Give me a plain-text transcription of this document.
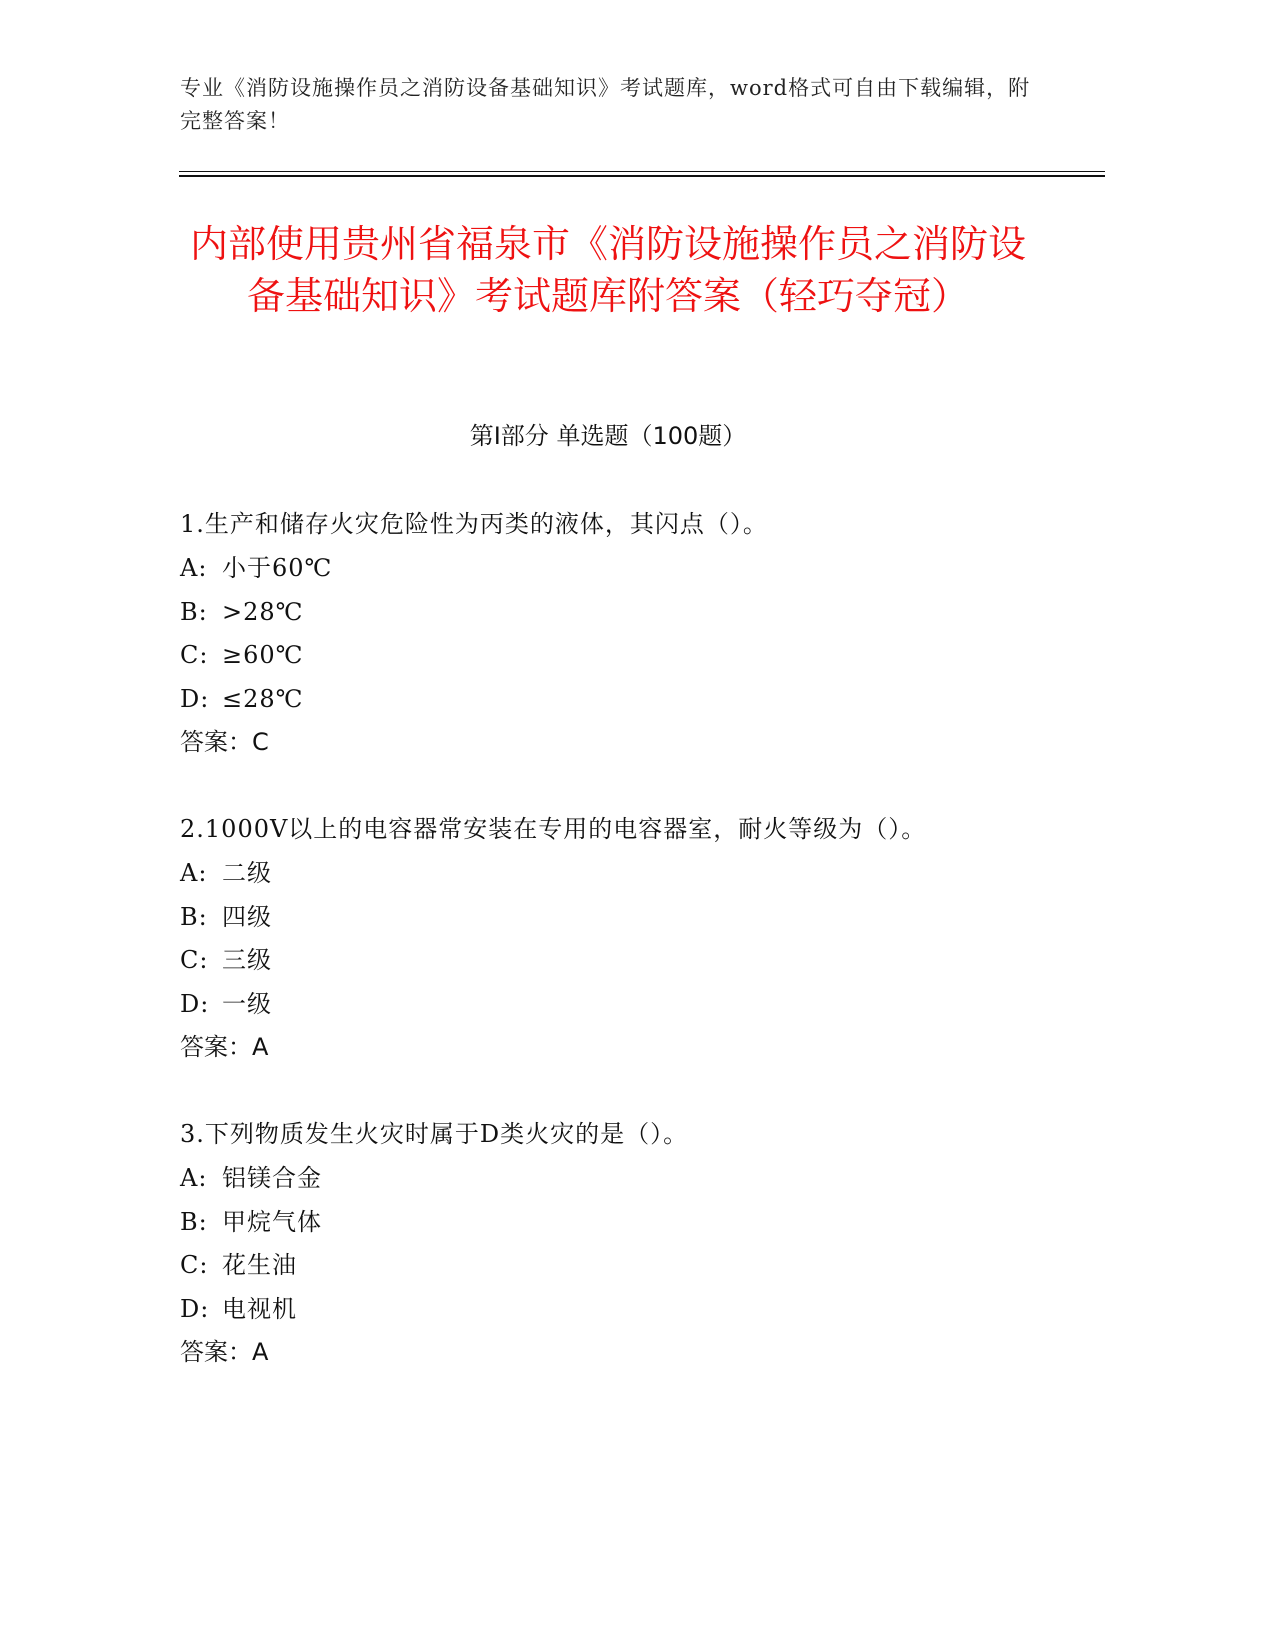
专业《消防设施操作员之消防设备基础知识》考试题库，word格式可自由下载编辑，附完整答案！
内部使用贵州省福泉市《消防设施操作员之消防设备基础知识》考试题库附答案（轻巧夺冠）
第I部分 单选题（100题）
1.生产和储存火灾危险性为丙类的液体，其闪点（）。
A: 小于60℃
B: >28℃
C: ≥60℃
D: ≤28℃
答案：C
2.1000V以上的电容器常安装在专用的电容器室，耐火等级为（）。
A: 二级
B: 四级
C: 三级
D: 一级
答案：A
3.下列物质发生火灾时属于D类火灾的是（）。
A: 铝镁合金
B: 甲烷气体
C: 花生油
D: 电视机
答案：A
